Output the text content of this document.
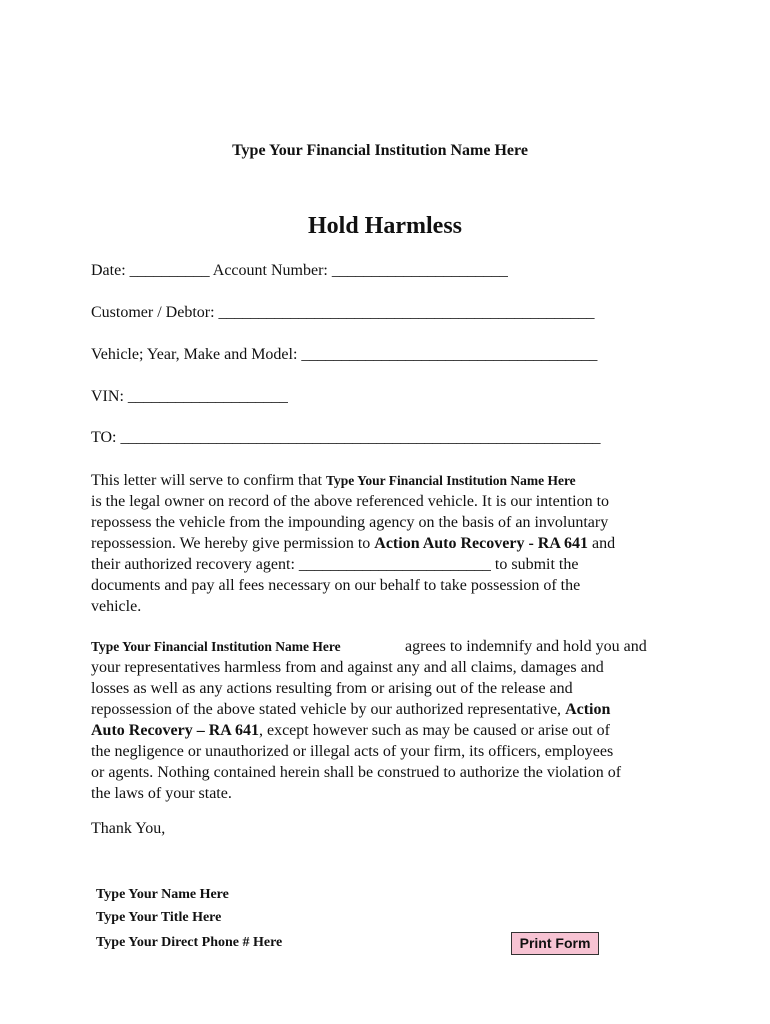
Type Your Financial Institution Name Here
Hold Harmless
Date: __________ Account Number: ______________________
Customer / Debtor: _______________________________________________
Vehicle; Year, Make and Model: _____________________________________
VIN: ____________________
TO: ____________________________________________________________
This letter will serve to confirm that Type Your Financial Institution Name Here
is the legal owner on record of the above referenced vehicle. It is our intention to
repossess the vehicle from the impounding agency on the basis of an involuntary
repossession. We hereby give permission to Action Auto Recovery - RA 641 and
their authorized recovery agent: ________________________ to submit the
documents and pay all fees necessary on our behalf to take possession of the
vehicle.
Type Your Financial Institution Name Here	agrees to indemnify and hold you and
your representatives harmless from and against any and all claims, damages and
losses as well as any actions resulting from or arising out of the release and
repossession of the above stated vehicle by our authorized representative, Action
Auto Recovery – RA 641, except however such as may be caused or arise out of
the negligence or unauthorized or illegal acts of your firm, its officers, employees
or agents. Nothing contained herein shall be construed to authorize the violation of
the laws of your state.
Thank You,
Type Your Name Here
Type Your Title Here
Type Your Direct Phone # Here	Print Form
